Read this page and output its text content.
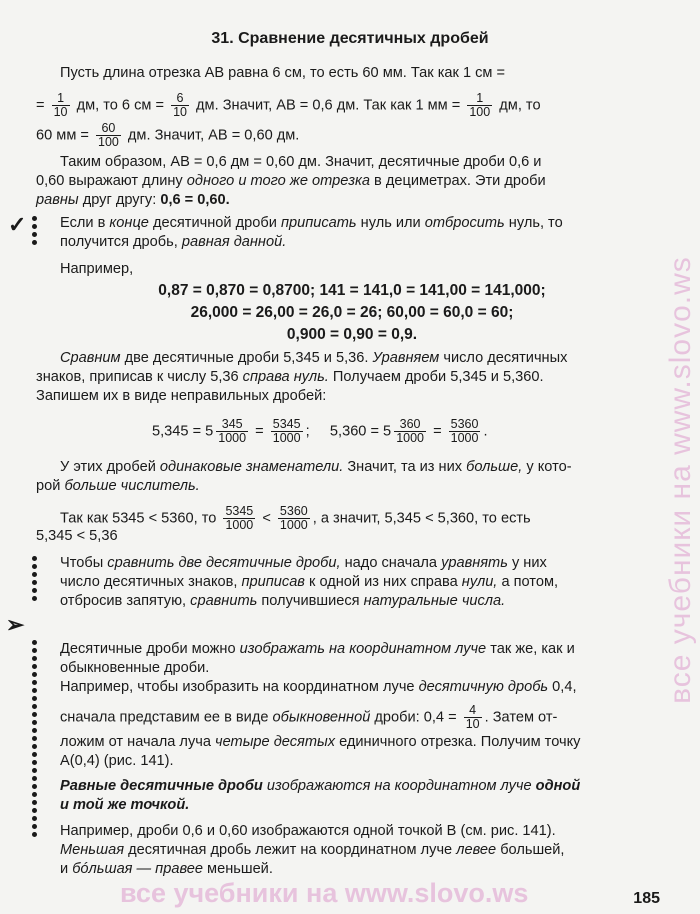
31. Сравнение десятичных дробей
Пусть длина отрезка AB равна 6 см, то есть 60 мм. Так как 1 см =
= $\frac{1}{10}$ дм, то 6 см = $\frac{6}{10}$ дм. Значит, AB = 0,6 дм. Так как 1 мм = $\frac{1}{100}$ дм, то
60 мм = $\frac{60}{100}$ дм. Значит, AB = 0,60 дм.
Таким образом, AB = 0,6 дм = 0,60 дм. Значит, десятичные дроби 0,6 и
0,60 выражают длину одного и того же отрезка в дециметрах. Эти дроби
равны друг другу: 0,6 = 0,60.
✓ Если в конце десятичной дроби приписать нуль или отбросить нуль, то
получится дробь, равная данной.
Например,
0,87 = 0,870 = 0,8700; 141 = 141,0 = 141,00 = 141,000;
26,000 = 26,00 = 26,0 = 26; 60,00 = 60,0 = 60;
0,900 = 0,90 = 0,9.
Сравним две десятичные дроби 5,345 и 5,36. Уравняем число десятичных
знаков, приписав к числу 5,36 справа нуль. Получаем дроби 5,345 и 5,360.
Запишем их в виде неправильных дробей:
$5,345 = 5 \frac{345}{1000} = \frac{5345}{1000}$ ; $5,360 = 5 \frac{360}{1000} = \frac{5360}{1000}$ .
У этих дробей одинаковые знаменатели. Значит, та из них больше, у кото-
рой больше числитель.
Так как 5345 < 5360, то $\frac{5345}{1000} < \frac{5360}{1000}$ , а значит, 5,345 < 5,360, то есть
5,345 < 5,36
Чтобы сравнить две десятичные дроби, надо сначала уравнять у них
число десятичных знаков, приписав к одной из них справа нули, а потом,
отбросив запятую, сравнить получившиеся натуральные числа.
➢
Десятичные дроби можно изображать на координатном луче так же, как и
обыкновенные дроби.
Например, чтобы изобразить на координатном луче десятичную дробь 0,4,
сначала представим ее в виде обыкновенной дроби: $0,4 = \frac{4}{10}$ . Затем от-
ложим от начала луча четыре десятых единичного отрезка. Получим точку
A(0,4) (рис. 141).
Равные десятичные дроби изображаются на координатном луче одной
и той же точкой.
Например, дроби 0,6 и 0,60 изображаются одной точкой B (см. рис. 141).
Меньшая десятичная дробь лежит на координатном луче левее большей,
и бóльшая — правее меньшей.
все учебники на www.slovo.ws
все учебники на www.slovo.ws	185
